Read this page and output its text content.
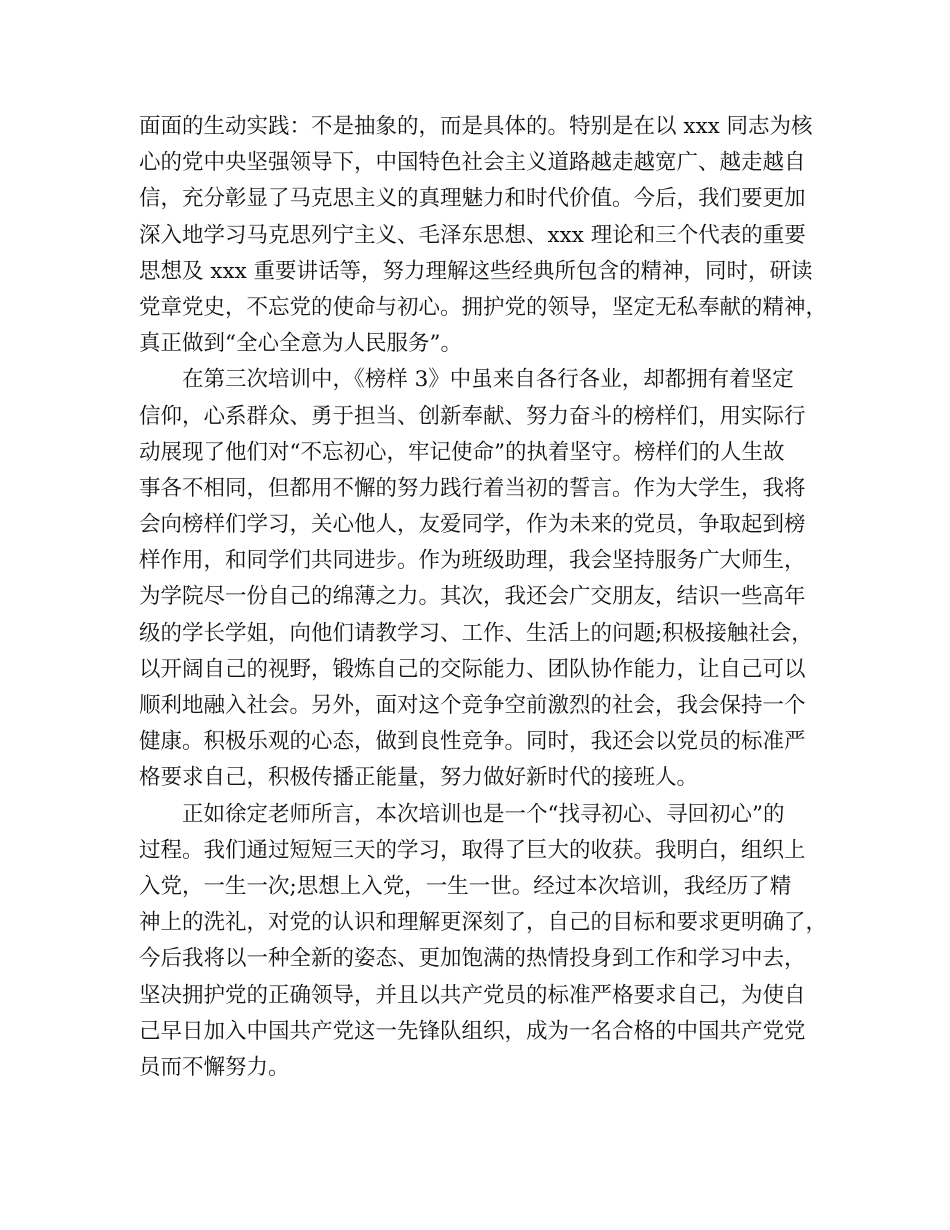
面面的生动实践：不是抽象的，而是具体的。特别是在以 xxx 同志为核
心的党中央坚强领导下，中国特色社会主义道路越走越宽广、越走越自
信，充分彰显了马克思主义的真理魅力和时代价值。今后，我们要更加
深入地学习马克思列宁主义、毛泽东思想、xxx 理论和三个代表的重要
思想及 xxx 重要讲话等，努力理解这些经典所包含的精神，同时，研读
党章党史，不忘党的使命与初心。拥护党的领导，坚定无私奉献的精神，
真正做到“全心全意为人民服务”。
　　在第三次培训中，《榜样 3》中虽来自各行各业，却都拥有着坚定
信仰，心系群众、勇于担当、创新奉献、努力奋斗的榜样们，用实际行
动展现了他们对“不忘初心，牢记使命”的执着坚守。榜样们的人生故
事各不相同，但都用不懈的努力践行着当初的誓言。作为大学生，我将
会向榜样们学习，关心他人，友爱同学，作为未来的党员，争取起到榜
样作用，和同学们共同进步。作为班级助理，我会坚持服务广大师生，
为学院尽一份自己的绵薄之力。其次，我还会广交朋友，结识一些高年
级的学长学姐，向他们请教学习、工作、生活上的问题;积极接触社会，
以开阔自己的视野，锻炼自己的交际能力、团队协作能力，让自己可以
顺利地融入社会。另外，面对这个竞争空前激烈的社会，我会保持一个
健康。积极乐观的心态，做到良性竞争。同时，我还会以党员的标准严
格要求自己，积极传播正能量，努力做好新时代的接班人。
　　正如徐定老师所言，本次培训也是一个“找寻初心、寻回初心”的
过程。我们通过短短三天的学习，取得了巨大的收获。我明白，组织上
入党，一生一次;思想上入党，一生一世。经过本次培训，我经历了精
神上的洗礼，对党的认识和理解更深刻了，自己的目标和要求更明确了，
今后我将以一种全新的姿态、更加饱满的热情投身到工作和学习中去，
坚决拥护党的正确领导，并且以共产党员的标准严格要求自己，为使自
己早日加入中国共产党这一先锋队组织，成为一名合格的中国共产党党
员而不懈努力。
